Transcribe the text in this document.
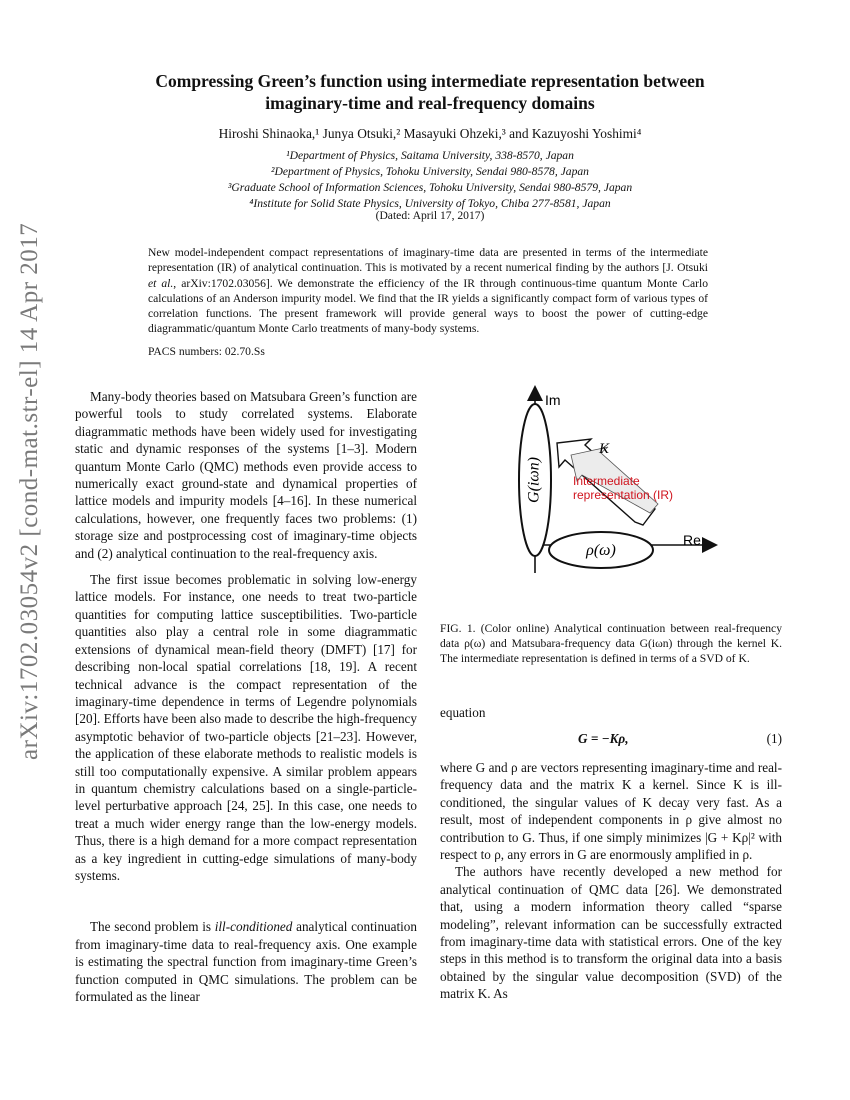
arXiv:1702.03054v2 [cond-mat.str-el] 14 Apr 2017
Compressing Green’s function using intermediate representation between
imaginary-time and real-frequency domains
Hiroshi Shinaoka,¹ Junya Otsuki,² Masayuki Ohzeki,³ and Kazuyoshi Yoshimi⁴
¹Department of Physics, Saitama University, 338-8570, Japan
²Department of Physics, Tohoku University, Sendai 980-8578, Japan
³Graduate School of Information Sciences, Tohoku University, Sendai 980-8579, Japan
⁴Institute for Solid State Physics, University of Tokyo, Chiba 277-8581, Japan
(Dated: April 17, 2017)
New model-independent compact representations of imaginary-time data are presented in terms of the intermediate representation (IR) of analytical continuation. This is motivated by a recent numerical finding by the authors [J. Otsuki et al., arXiv:1702.03056]. We demonstrate the efficiency of the IR through continuous-time quantum Monte Carlo calculations of an Anderson impurity model. We find that the IR yields a significantly compact form of various types of correlation functions. The present framework will provide general ways to boost the power of cutting-edge diagrammatic/quantum Monte Carlo treatments of many-body systems.
PACS numbers: 02.70.Ss

Many-body theories based on Matsubara Green’s function are powerful tools to study correlated systems. Elaborate diagrammatic methods have been widely used for investigating static and dynamic responses of the systems [1–3]. Modern quantum Monte Carlo (QMC) methods even provide access to numerically exact ground-state and dynamical properties of lattice models and impurity models [4–16]. In these numerical calculations, however, one frequently faces two problems: (1) storage size and postprocessing cost of imaginary-time objects and (2) analytical continuation to the real-frequency axis.

The first issue becomes problematic in solving low-energy lattice models. For instance, one needs to treat two-particle quantities for computing lattice susceptibilities. Two-particle quantities also play a central role in some diagrammatic extensions of dynamical mean-field theory (DMFT) [17] for describing non-local spatial correlations [18, 19]. A recent technical advance is the compact representation of the imaginary-time dependence in terms of Legendre polynomials [20]. Efforts have been also made to describe the high-frequency asymptotic behavior of two-particle objects [21–23]. However, the application of these elaborate methods to realistic models is still too computationally expensive. A similar problem appears in quantum chemistry calculations based on a single-particle-level perturbative approach [24, 25]. In this case, one needs to treat a much wider energy range than the low-energy models. Thus, there is a high demand for a more compact representation as a key ingredient in cutting-edge simulations of many-body systems.

The second problem is ill-conditioned analytical continuation from imaginary-time data to real-frequency axis. One example is estimating the spectral function from imaginary-time Green’s function computed in QMC simulations. The problem can be formulated as the linear

Im
Re
G(iωn)
ρ(ω)
K
Intermediate
representation (IR)
FIG. 1. (Color online) Analytical continuation between real-frequency data ρ(ω) and Matsubara-frequency data G(iωn) through the kernel K. The intermediate representation is defined in terms of a SVD of K.
equation
G = −Kρ,	(1)

where G and ρ are vectors representing imaginary-time and real-frequency data and the matrix K a kernel. Since K is ill-conditioned, the singular values of K decay very fast. As a result, most of independent components in ρ give almost no contribution to G. Thus, if one simply minimizes |G + Kρ|² with respect to ρ, any errors in G are enormously amplified in ρ.

The authors have recently developed a new method for analytical continuation of QMC data [26]. We demonstrated that, using a modern information theory called “sparse modeling”, relevant information can be successfully extracted from imaginary-time data with statistical errors. One of the key steps in this method is to transform the original data into a basis obtained by the singular value decomposition (SVD) of the matrix K. As
